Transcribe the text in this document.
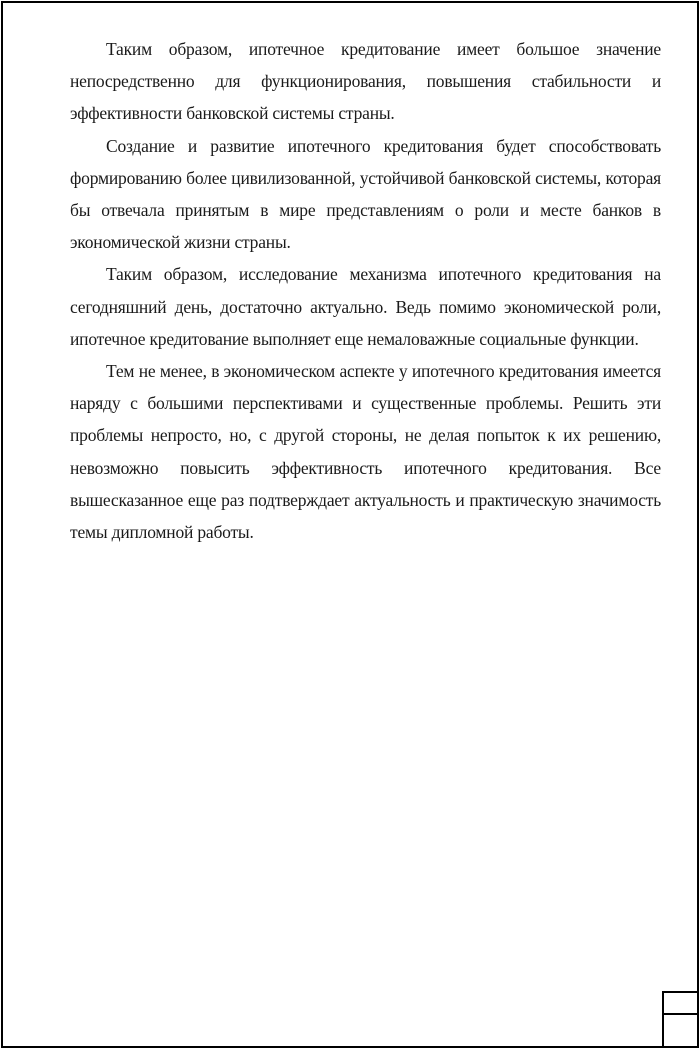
Таким образом, ипотечное кредитование имеет большое значение непосредственно для функционирования, повышения стабильности и эффективности банковской системы страны.

Создание и развитие ипотечного кредитования будет способствовать формированию более цивилизованной, устойчивой банковской системы, которая бы отвечала принятым в мире представлениям о роли и месте банков в экономической жизни страны.

Таким образом, исследование механизма ипотечного кредитования на сегодняшний день, достаточно актуально. Ведь помимо экономической роли, ипотечное кредитование выполняет еще немаловажные социальные функции.

Тем не менее, в экономическом аспекте у ипотечного кредитования имеется наряду с большими перспективами и существенные проблемы. Решить эти проблемы непросто, но, с другой стороны, не делая попыток к их решению, невозможно повысить эффективность ипотечного кредитования. Все вышесказанное еще раз подтверждает актуальность и практическую значимость темы дипломной работы.
